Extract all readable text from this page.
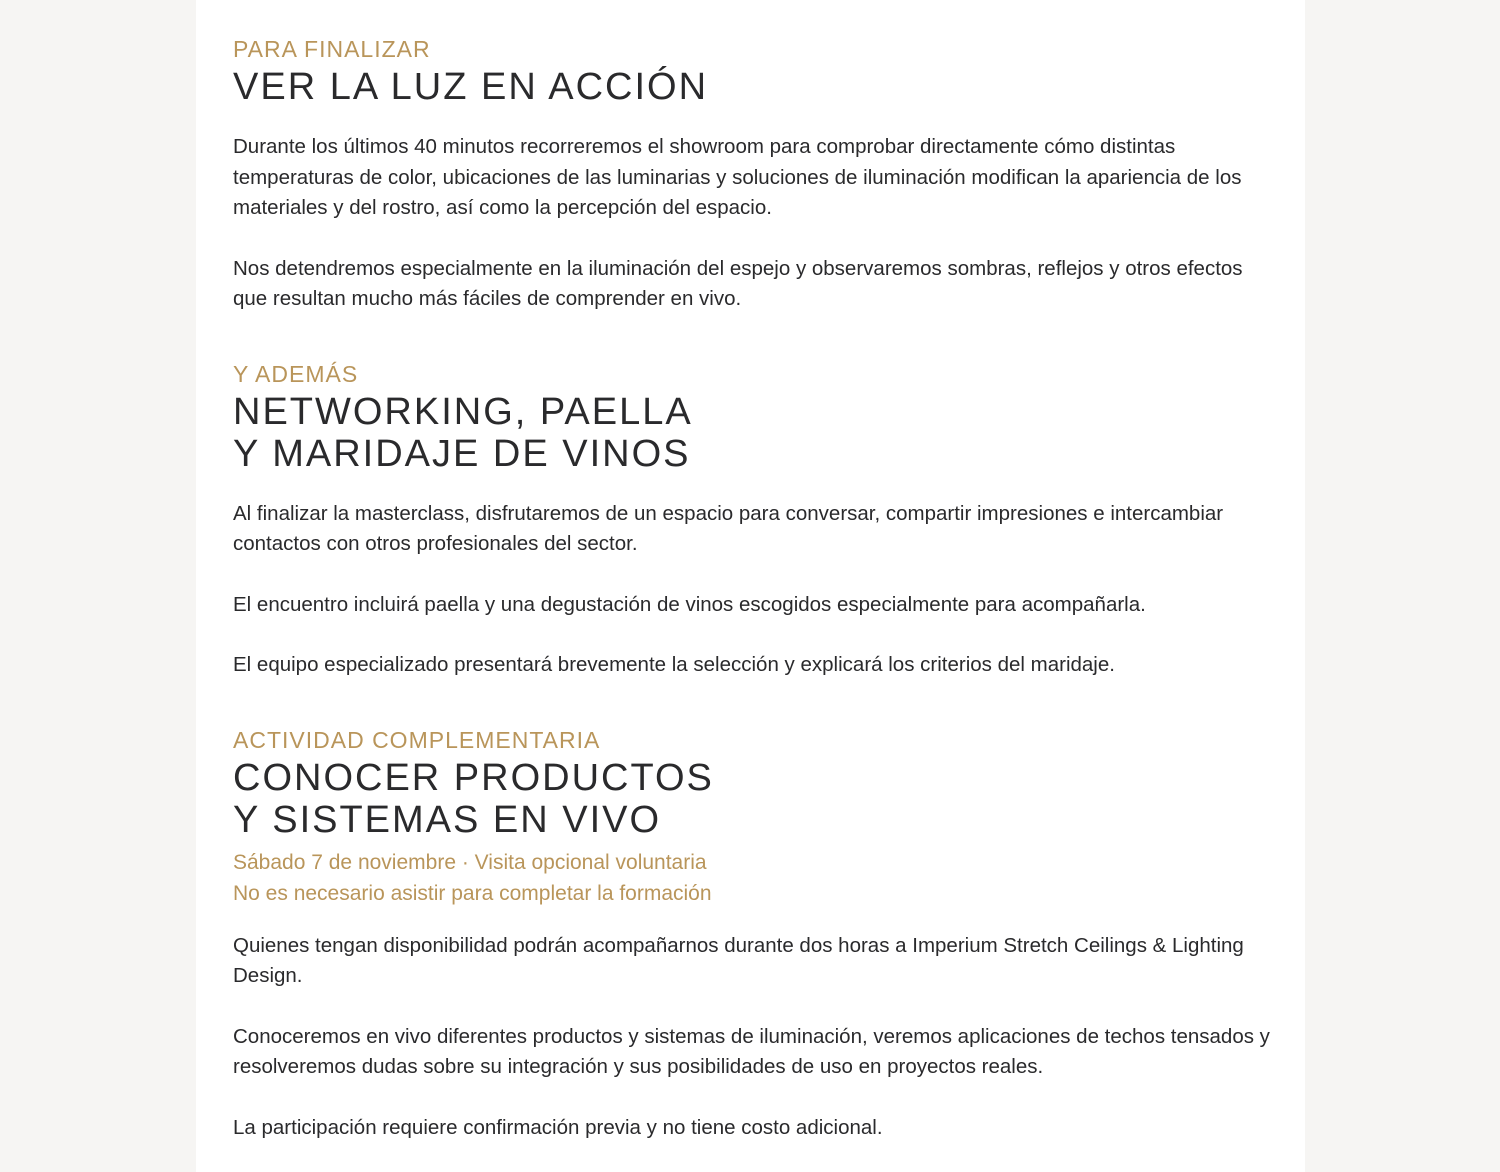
PARA FINALIZAR
VER LA LUZ EN ACCIÓN

Durante los últimos 40 minutos recorreremos el showroom para comprobar directamente cómo distintas temperaturas de color, ubicaciones de las luminarias y soluciones de iluminación modifican la apariencia de los materiales y del rostro, así como la percepción del espacio.

Nos detendremos especialmente en la iluminación del espejo y observaremos sombras, reflejos y otros efectos que resultan mucho más fáciles de comprender en vivo.

Y ADEMÁS
NETWORKING, PAELLA
Y MARIDAJE DE VINOS

Al finalizar la masterclass, disfrutaremos de un espacio para conversar, compartir impresiones e intercambiar contactos con otros profesionales del sector.

El encuentro incluirá paella y una degustación de vinos escogidos especialmente para acompañarla.

El equipo especializado presentará brevemente la selección y explicará los criterios del maridaje.

ACTIVIDAD COMPLEMENTARIA
CONOCER PRODUCTOS
Y SISTEMAS EN VIVO
Sábado 7 de noviembre · Visita opcional voluntaria
No es necesario asistir para completar la formación

Quienes tengan disponibilidad podrán acompañarnos durante dos horas a Imperium Stretch Ceilings & Lighting Design.

Conoceremos en vivo diferentes productos y sistemas de iluminación, veremos aplicaciones de techos tensados y resolveremos dudas sobre su integración y sus posibilidades de uso en proyectos reales.

La participación requiere confirmación previa y no tiene costo adicional.
